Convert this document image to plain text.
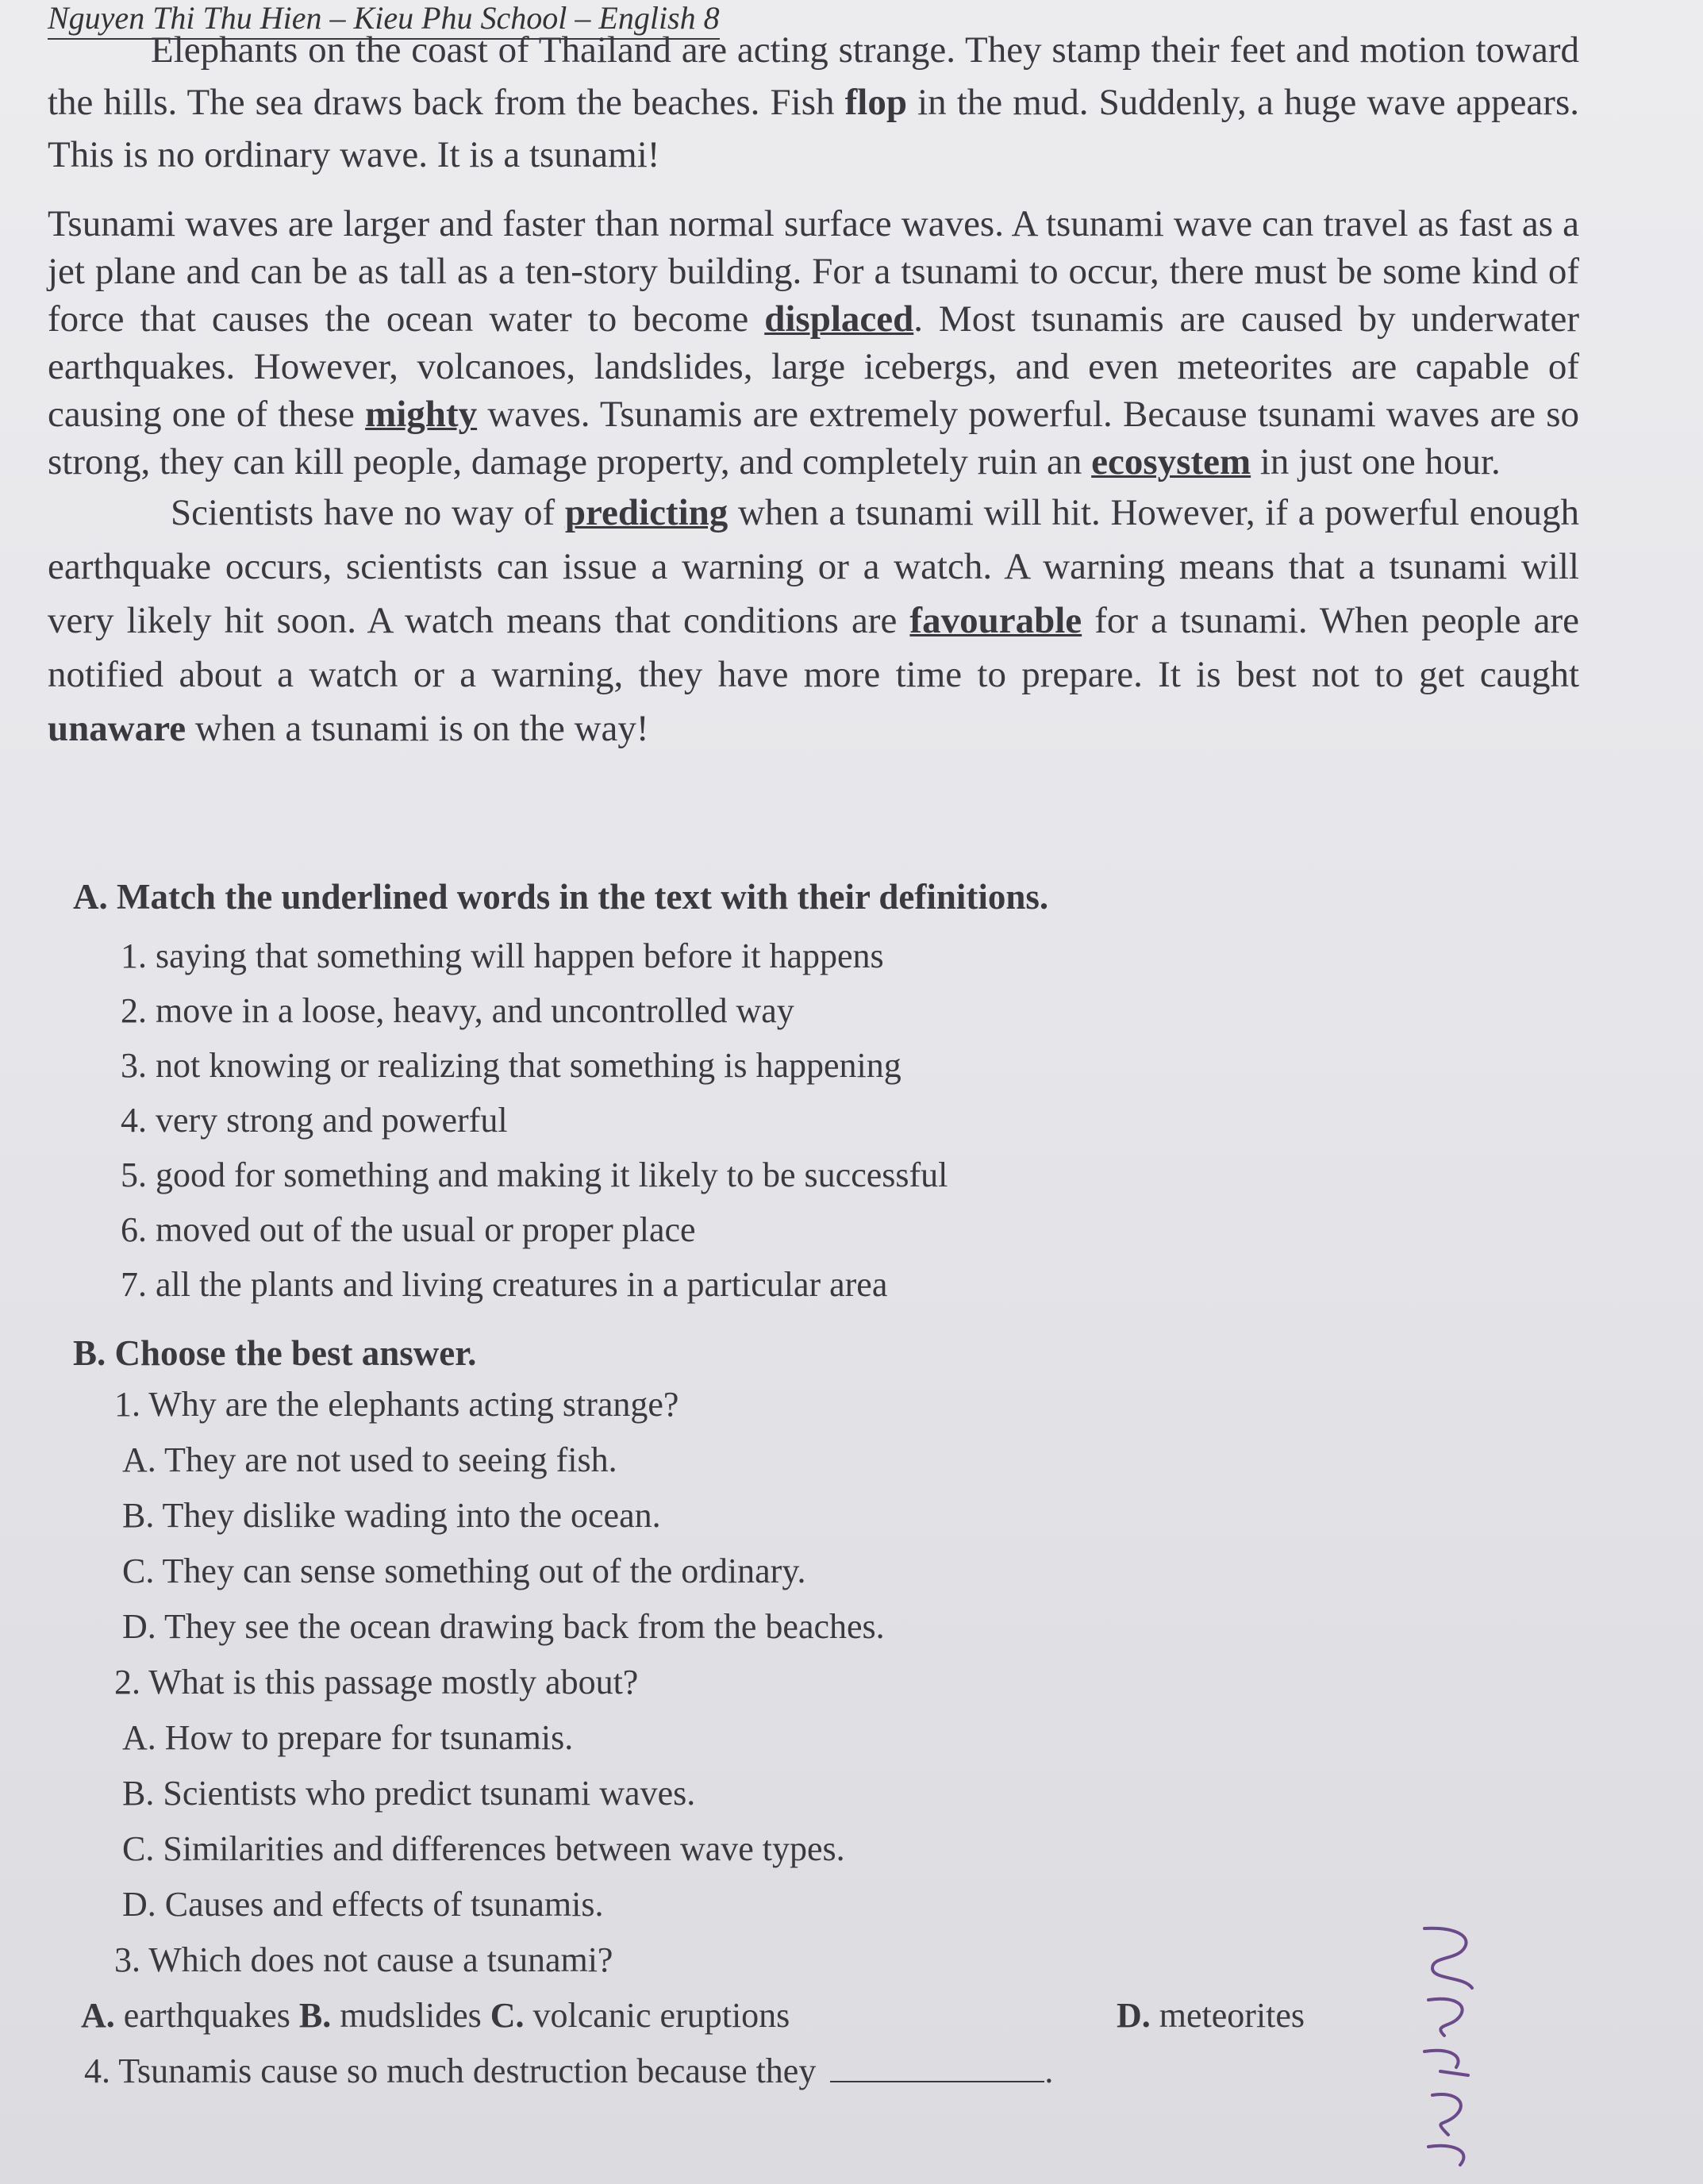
Nguyen Thi Thu Hien – Kieu Phu School – English 8

Elephants on the coast of Thailand are acting strange. They stamp their feet and motion toward the hills. The sea draws back from the beaches. Fish flop in the mud. Suddenly, a huge wave appears. This is no ordinary wave. It is a tsunami!

Tsunami waves are larger and faster than normal surface waves. A tsunami wave can travel as fast as a jet plane and can be as tall as a ten-story building. For a tsunami to occur, there must be some kind of force that causes the ocean water to become displaced. Most tsunamis are caused by underwater earthquakes. However, volcanoes, landslides, large icebergs, and even meteorites are capable of causing one of these mighty waves. Tsunamis are extremely powerful. Because tsunami waves are so strong, they can kill people, damage property, and completely ruin an ecosystem in just one hour.

Scientists have no way of predicting when a tsunami will hit. However, if a powerful enough earthquake occurs, scientists can issue a warning or a watch. A warning means that a tsunami will very likely hit soon. A watch means that conditions are favourable for a tsunami. When people are notified about a watch or a warning, they have more time to prepare. It is best not to get caught unaware when a tsunami is on the way!

A. Match the underlined words in the text with their definitions.

1. saying that something will happen before it happens
2. move in a loose, heavy, and uncontrolled way
3. not knowing or realizing that something is happening
4. very strong and powerful
5. good for something and making it likely to be successful
6. moved out of the usual or proper place
7. all the plants and living creatures in a particular area

B. Choose the best answer.

1. Why are the elephants acting strange?

A. They are not used to seeing fish.

B. They dislike wading into the ocean.

C. They can sense something out of the ordinary.

D. They see the ocean drawing back from the beaches.

2. What is this passage mostly about?

A. How to prepare for tsunamis.

B. Scientists who predict tsunami waves.

C. Similarities and differences between wave types.

D. Causes and effects of tsunamis.

3. Which does not cause a tsunami?

A. earthquakes B. mudslides C. volcanic eruptions	D. meteorites

4. Tsunamis cause so much destruction because they	.
